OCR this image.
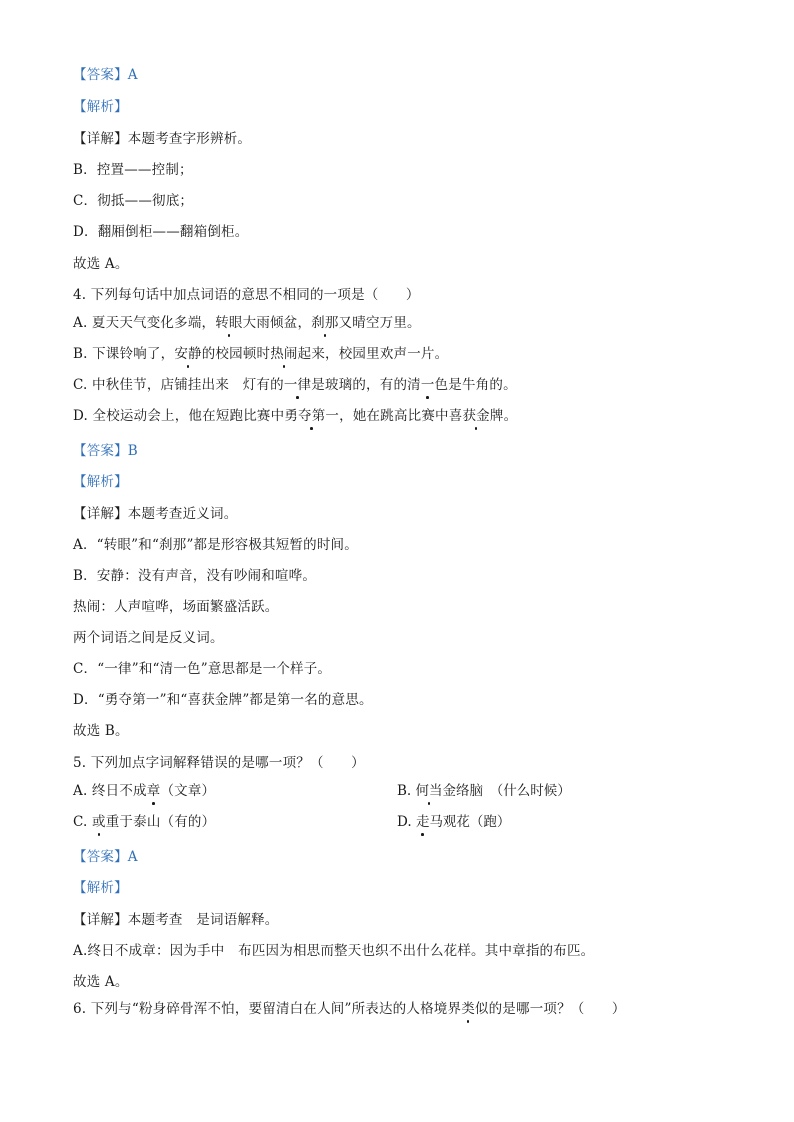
【答案】A
【解析】
【详解】本题考查字形辨析。
B．控置——控制；
C．彻抵——彻底；
D．翻厢倒柜——翻箱倒柜。
故选 A。
4. 下列每句话中加点词语的意思不相同的一项是（　　）
A. 夏天天气变化多端，转眼大雨倾盆，刹那又晴空万里。
B. 下课铃响了，安静的校园顿时热闹起来，校园里欢声一片。
C. 中秋佳节，店铺挂出来　灯有的一律是玻璃的，有的清一色是牛角的。
D. 全校运动会上，他在短跑比赛中勇夺第一，她在跳高比赛中喜获金牌。
【答案】B
【解析】
【详解】本题考查近义词。
A．“转眼”和“刹那”都是形容极其短暂的时间。
B．安静：没有声音，没有吵闹和喧哗。
热闹：人声喧哗，场面繁盛活跃。
两个词语之间是反义词。
C．“一律”和“清一色”意思都是一个样子。
D．“勇夺第一”和“喜获金牌”都是第一名的意思。
故选 B。
5. 下列加点字词解释错误的是哪一项？（　　）
A. 终日不成章（文章）	B. 何当金络脑　（什么时候）
C. 或重于泰山（有的）	D. 走马观花（跑）
【答案】A
【解析】
【详解】本题考查　是词语解释。
A.终日不成章：因为手中　布匹因为相思而整天也织不出什么花样。其中章指的布匹。
故选 A。
6. 下列与“粉身碎骨浑不怕，要留清白在人间”所表达的人格境界类似的是哪一项？（　　）
